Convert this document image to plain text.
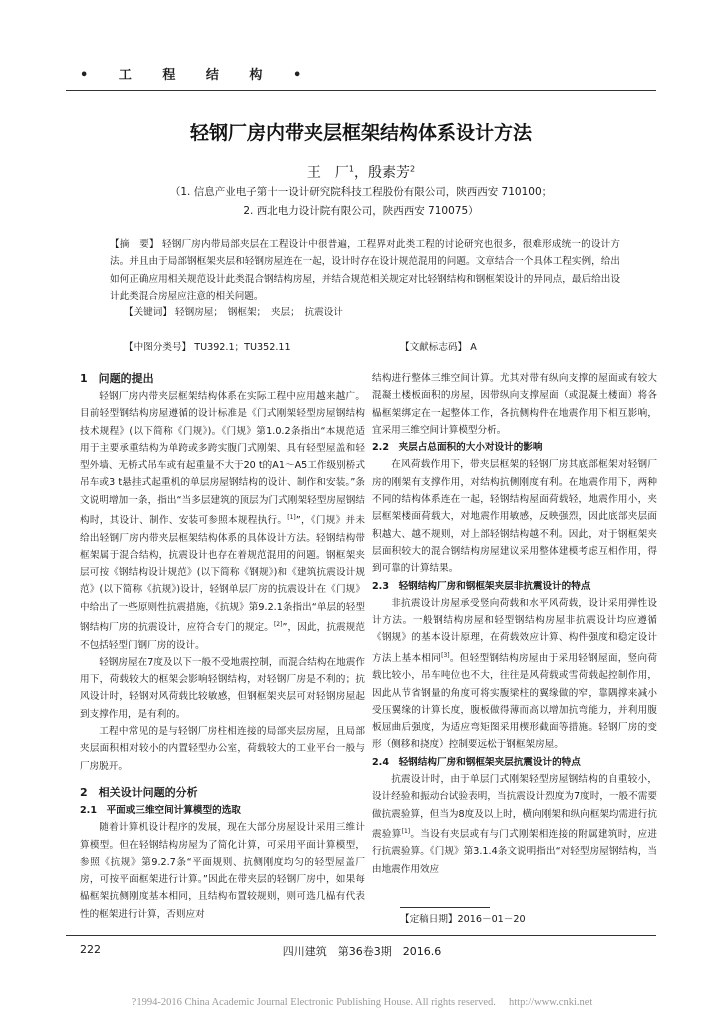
• 工 程 结 构 •
轻钢厂房内带夹层框架结构体系设计方法
王　厂$^1$，殷素芳$^2$
（1. 信息产业电子第十一设计研究院科技工程股份有限公司，陕西西安 710100；
2. 西北电力设计院有限公司，陕西西安 710075）
【摘　要】 轻钢厂房内带局部夹层在工程设计中很普遍，工程界对此类工程的讨论研究也很多，很难形成统一的设计方法。并且由于局部钢框架夹层和轻钢房屋连在一起，设计时存在设计规范混用的问题。文章结合一个具体工程实例，给出如何正确应用相关规范设计此类混合钢结构房屋，并结合规范相关规定对比轻钢结构和钢框架设计的异同点，最后给出设计此类混合房屋应注意的相关问题。
【关键词】 轻钢房屋；　钢框架；　夹层；　抗震设计
【中图分类号】 TU392.1；TU352.11	【文献标志码】 A

1　问题的提出

轻钢厂房内带夹层框架结构体系在实际工程中应用越来越广。目前轻型钢结构房屋遵循的设计标准是《门式刚架轻型房屋钢结构技术规程》(以下简称《门规》)。《门规》第1.0.2条指出“本规范适用于主要承重结构为单跨或多跨实腹门式刚架、具有轻型屋盖和轻型外墙、无桥式吊车或有起重量不大于20 t的A1～A5工作级别桥式吊车或3 t悬挂式起重机的单层房屋钢结构的设计、制作和安装。”条文说明增加一条，指出“当多层建筑的顶层为门式刚架轻型房屋钢结构时，其设计、制作、安装可参照本规程执行。[1]”，《门规》并未给出轻钢厂房内带夹层框架结构体系的具体设计方法。轻钢结构带框架属于混合结构，抗震设计也存在着规范混用的问题。钢框架夹层可按《钢结构设计规范》(以下简称《钢规》)和《建筑抗震设计规范》(以下简称《抗规》)设计，轻钢单层厂房的抗震设计在《门规》中给出了一些原则性抗震措施，《抗规》第9.2.1条指出“单层的轻型钢结构厂房的抗震设计，应符合专门的规定。[2]”，因此，抗震规范不包括轻型门钢厂房的设计。

轻钢房屋在7度及以下一般不受地震控制，而混合结构在地震作用下，荷载较大的框架会影响轻钢结构，对轻钢厂房是不利的；抗风设计时，轻钢对风荷载比较敏感，但钢框架夹层可对轻钢房屋起到支撑作用，是有利的。

工程中常见的是与轻钢厂房柱相连接的局部夹层房屋，且局部夹层面积相对较小的内置轻型办公室，荷载较大的工业平台一般与厂房脱开。

2　相关设计问题的分析

2.1　平面或三维空间计算模型的选取

随着计算机设计程序的发展，现在大部分房屋设计采用三维计算模型。但在轻钢结构房屋为了简化计算，可采用平面计算模型，参照《抗规》第9.2.7条“平面规则、抗侧刚度均匀的轻型屋盖厂房，可按平面框架进行计算。”因此在带夹层的轻钢厂房中，如果每榀框架抗侧刚度基本相同，且结构布置较规则，则可选几榀有代表性的框架进行计算，否则应对

结构进行整体三维空间计算。尤其对带有纵向支撑的屋面或有较大混凝土楼板面积的房屋，因带纵向支撑屋面（或混凝土楼面）将各榀框架绑定在一起整体工作，各抗侧构件在地震作用下相互影响，宜采用三维空间计算模型分析。

2.2　夹层占总面积的大小对设计的影响

在风荷载作用下，带夹层框架的轻钢厂房其底部框架对轻钢厂房的刚架有支撑作用，对结构抗侧刚度有利。在地震作用下，两种不同的结构体系连在一起，轻钢结构屋面荷载轻，地震作用小，夹层框架楼面荷载大，对地震作用敏感，反映强烈，因此底部夹层面积越大、越不规则，对上部轻钢结构越不利。因此，对于钢框架夹层面积较大的混合钢结构房屋建议采用整体建模考虑互相作用，得到可靠的计算结果。

2.3　轻钢结构厂房和钢框架夹层非抗震设计的特点

非抗震设计房屋承受竖向荷载和水平风荷载，设计采用弹性设计方法。一般钢结构房屋和轻型钢结构房屋非抗震设计均应遵循《钢规》的基本设计原理，在荷载效应计算、构件强度和稳定设计方法上基本相同[3]。但轻型钢结构房屋由于采用轻钢屋面，竖向荷载比较小，吊车吨位也不大，往往是风荷载或雪荷载起控制作用，因此从节省钢量的角度可将实腹梁柱的翼缘做的窄，靠隅撑来减小受压翼缘的计算长度，腹板做得薄而高以增加抗弯能力，并利用腹板屈曲后强度，为适应弯矩图采用楔形截面等措施。轻钢厂房的变形（侧移和挠度）控制要远松于钢框架房屋。

2.4　轻钢结构厂房和钢框架夹层抗震设计的特点

抗震设计时，由于单层门式刚架轻型房屋钢结构的自重较小，设计经验和振动台试验表明，当抗震设计烈度为7度时，一般不需要做抗震验算，但当为8度及以上时，横向刚架和纵向框架均需进行抗震验算[1]。当设有夹层或有与门式刚架相连接的附属建筑时，应进行抗震验算。《门规》第3.1.4条文说明指出“对轻型房屋钢结构，当由地震作用效应

【定稿日期】2016－01－20
222	四川建筑　第36卷3期　2016.6
?1994-2016 China Academic Journal Electronic Publishing House. All rights reserved.　 http://www.cnki.net
